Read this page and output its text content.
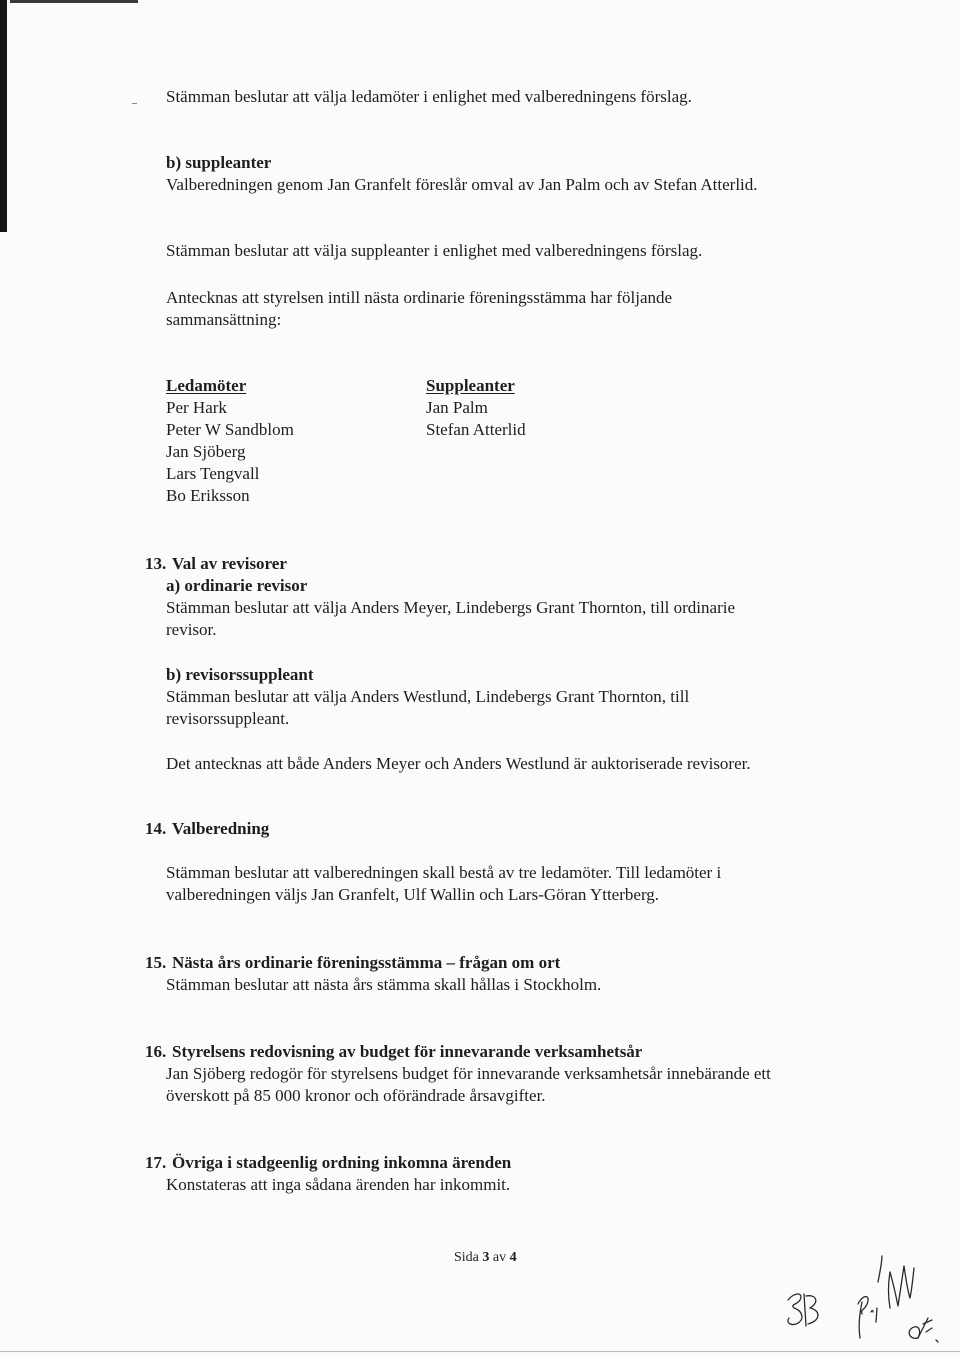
Stämman beslutar att välja ledamöter i enlighet med valberedningens förslag.
b) suppleanter
Valberedningen genom Jan Granfelt föreslår omval av Jan Palm och av Stefan Atterlid.
Stämman beslutar att välja suppleanter i enlighet med valberedningens förslag.
Antecknas att styrelsen intill nästa ordinarie föreningsstämma har följande
sammansättning:
Ledamöter
Per Hark
Peter W Sandblom
Jan Sjöberg
Lars Tengvall
Bo Eriksson
Suppleanter
Jan Palm
Stefan Atterlid
13. Val av revisorer
a) ordinarie revisor
Stämman beslutar att välja Anders Meyer, Lindebergs Grant Thornton, till ordinarie
revisor.
b) revisorssuppleant
Stämman beslutar att välja Anders Westlund, Lindebergs Grant Thornton, till
revisorssuppleant.
Det antecknas att både Anders Meyer och Anders Westlund är auktoriserade revisorer.
14. Valberedning
Stämman beslutar att valberedningen skall bestå av tre ledamöter. Till ledamöter i
valberedningen väljs Jan Granfelt, Ulf Wallin och Lars-Göran Ytterberg.
15. Nästa års ordinarie föreningsstämma – frågan om ort
Stämman beslutar att nästa års stämma skall hållas i Stockholm.
16. Styrelsens redovisning av budget för innevarande verksamhetsår
Jan Sjöberg redogör för styrelsens budget för innevarande verksamhetsår innebärande ett
överskott på 85 000 kronor och oförändrade årsavgifter.
17. Övriga i stadgeenlig ordning inkomna ärenden
Konstateras att inga sådana ärenden har inkommit.
Sida 3 av 4
